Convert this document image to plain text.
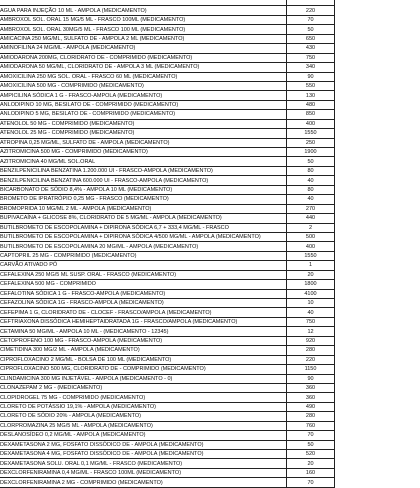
AGUA PARA INJEÇÃO 10 ML - AMPOLA (MEDICAMENTO)	220
AMBROXOL SOL. ORAL 15 MG/5 ML - FRASCO 100ML (MEDICAMENTO)	70
AMBROXOL SOL. ORAL 30MG/5 ML - FRASCO 100 ML (MEDICAMENTO)	50
AMICACINA 250 MG/ML, SULFATO DE - AMPOLA 2 ML (MEDICAMENTO)	650
AMINOFILINA 24 MG/ML - AMPOLA (MEDICAMENTO)	430
AMIODARONA 200MG, CLORIDRATO DE - COMPRIMIDO (MEDICAMENTO)	750
AMIODARONA 50 MG/ML, CLORIDRATO DE - AMPOLA 3 ML (MEDICAMENTO)	340
AMOXICILINA 250 MG SOL. ORAL - FRASCO 60 ML (MEDICAMENTO)	90
AMOXICILINA 500 MG - COMPRIMIDO (MEDICAMENTO)	550
AMPICILINA SÓDICA 1 G - FRASCO-AMPOLA (MEDICAMENTO)	130
ANLODIPINO 10 MG, BESILATO DE - COMPRIMIDO (MEDICAMENTO)	480
ANLODIPINO 5 MG, BESILATO DE - COMPRIMIDO (MEDICAMENTO)	850
ATENOLOL 50 MG - COMPRIMIDO (MEDICAMENTO)	400
ATENOLOL 25 MG - COMPRIMIDO (MEDICAMENTO)	1550
ATROPINA 0,25 MG/ML, SULFATO DE - AMPOLA (MEDICAMENTO)	250
AZITROMICINA 500 MG - COMPRIMIDO (MEDICAMENTO)	1900
AZITROMICINA 40 MG/ML SOL.ORAL	50
BENZILPENICILINA BENZATINA 1.200.000 UI - FRASCO-AMPOLA (MEDICAMENTO)	80
BENZILPENICILINA BENZATINA 600.000 UI - FRASCO-AMPOLA (MEDICAMENTO)	40
BICARBONATO DE SÓDIO 8,4% - AMPOLA 10 ML (MEDICAMENTO)	80
BROMETO DE IPRATRÓPIO 0,25 MG - FRASCO (MEDICAMENTO)	40
BROMOPRIDA 10 MG/ML 2 ML - AMPOLA (MEDICAMENTO)	270
BUPIVACAÍNA + GLICOSE 8%, CLORIDRATO DE 5 MG/ML - AMPOLA (MEDICAMENTO)	440
BUTILBROMETO DE ESCOPOLAMINA + DIPIRONA SÓDICA 6,7 + 333,4 MG/ML - FRASCO	2
BUTILBROMETO DE ESCOPOLAMINA + DIPIRONA SÓDICA 4/500 MG/ML - AMPOLA (MEDICAMENTO)	500
BUTILBROMETO DE ESCOPOLAMINA 20 MG/ML - AMPOLA (MEDICAMENTO)	400
CAPTOPRIL 25 MG - COMPRIMIDO (MEDICAMENTO)	1550
CARVÃO ATIVADO PÓ	1
CEFALEXINA 250 MG/5 ML SUSP. ORAL - FRASCO (MEDICAMENTO)	20
CEFALEXINA 500 MG - COMPRIMIDO	1800
CEFALOTINA SÓDICA 1 G - FRASCO-AMPOLA (MEDICAMENTO)	4100
CEFAZOLINA SÓDICA 1G - FRASCO-AMPOLA (MEDICAMENTO)	10
CEFEPIMA 1 G, CLORIDRATO DE - CLOCEF - FRASCO/AMPOLA (MEDICAMENTO)	40
CEFTRIAXONA DISSÓDICA HEMIHEPTAIDRATADA 1G - FRASCO/AMPOLA (MEDICAMENTO)	750
CETAMINA 50 MG/ML - AMPOLA 10 ML - (MEDICAMENTO - 12345)	12
CETOPROFENO 100 MG - FRASCO-AMPOLA (MEDICAMENTO)	920
CIMETIDINA 300 MG/2 ML - AMPOLA (MEDICAMENTO)	280
CIPROFLOXACINO 2 MG/ML - BOLSA DE 100 ML (MEDICAMENTO)	220
CIPROFLOXACINO 500 MG, CLORIDRATO DE - COMPRIMIDO (MEDICAMENTO)	1150
CLINDAMICINA 300 MG INJETÁVEL - AMPOLA (MEDICAMENTO - 0)	90
CLONAZEPAM 2 MG - (MEDICAMENTO)	360
CLOPIDROGEL 75 MG - COMPRIMIDO (MEDICAMENTO)	360
CLORETO DE POTÁSSIO 19,1% - AMPOLA (MEDICAMENTO)	490
CLORETO DE SÓDIO 20% - AMPOLA (MEDICAMENTO)	280
CLORPROMAZINA 25 MG/5 ML - AMPOLA (MEDICAMENTO)	760
DESLANOSÍDEO 0,2 MG/ML - AMPOLA (MEDICAMENTO)	70
DEXAMETASONA 2 MG, FOSFATO DISSÓDICO DE - AMPOLA (MEDICAMENTO)	50
DEXAMETASONA 4 MG, FOSFATO DISSÓDICO DE - AMPOLA (MEDICAMENTO)	520
DEXAMETASONA SOLU. ORAL 0,1 MG/ML - FRASCO (MEDICAMENTO)	20
DEXCLORFENIRAMINA 0,4 MG/ML - FRASCO 100ML (MEDICAMENTO)	160
DEXCLORFENIRAMINA 2 MG - COMPRIMIDO (MEDICAMENTO)	70
